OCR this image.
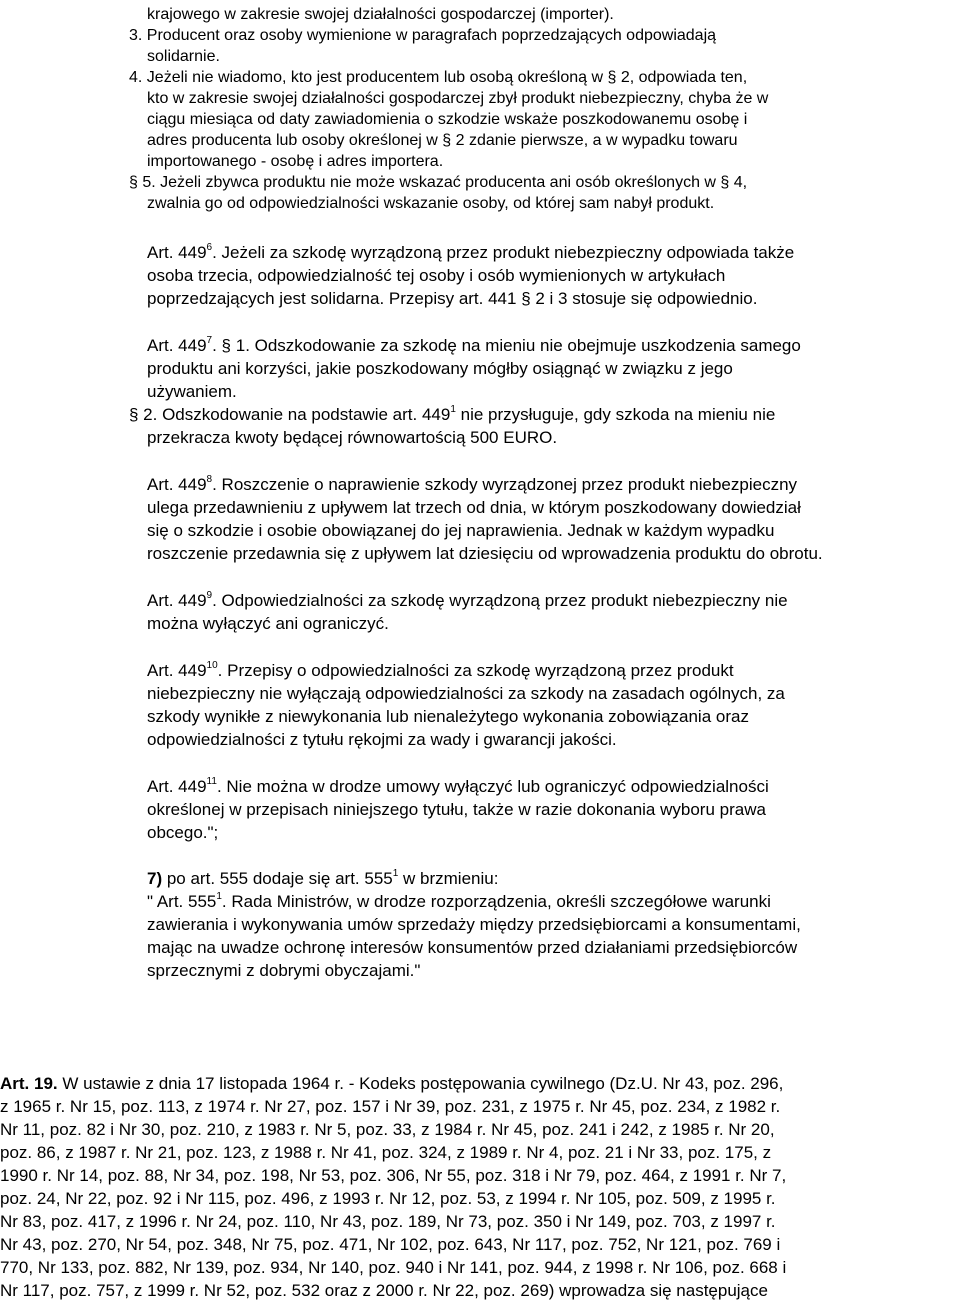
krajowego w zakresie swojej działalności gospodarczej (importer).
3. Producent oraz osoby wymienione w paragrafach poprzedzających odpowiadają
solidarnie.
4. Jeżeli nie wiadomo, kto jest producentem lub osobą określoną w § 2, odpowiada ten,
kto w zakresie swojej działalności gospodarczej zbył produkt niebezpieczny, chyba że w
ciągu miesiąca od daty zawiadomienia o szkodzie wskaże poszkodowanemu osobę i
adres producenta lub osoby określonej w § 2 zdanie pierwsze, a w wypadku towaru
importowanego - osobę i adres importera.
§ 5. Jeżeli zbywca produktu nie może wskazać producenta ani osób określonych w § 4,
zwalnia go od odpowiedzialności wskazanie osoby, od której sam nabył produkt.
Art. $449^6$. Jeżeli za szkodę wyrządzoną przez produkt niebezpieczny odpowiada także
osoba trzecia, odpowiedzialność tej osoby i osób wymienionych w artykułach
poprzedzających jest solidarna. Przepisy art. 441 § 2 i 3 stosuje się odpowiednio.
Art. $449^7$. § 1. Odszkodowanie za szkodę na mieniu nie obejmuje uszkodzenia samego
produktu ani korzyści, jakie poszkodowany mógłby osiągnąć w związku z jego
używaniem.
§ 2. Odszkodowanie na podstawie art. $449^1$ nie przysługuje, gdy szkoda na mieniu nie
przekracza kwoty będącej równowartością 500 EURO.
Art. $449^8$. Roszczenie o naprawienie szkody wyrządzonej przez produkt niebezpieczny
ulega przedawnieniu z upływem lat trzech od dnia, w którym poszkodowany dowiedział
się o szkodzie i osobie obowiązanej do jej naprawienia. Jednak w każdym wypadku
roszczenie przedawnia się z upływem lat dziesięciu od wprowadzenia produktu do obrotu.
Art. $449^9$. Odpowiedzialności za szkodę wyrządzoną przez produkt niebezpieczny nie
można wyłączyć ani ograniczyć.
Art. $449^{10}$. Przepisy o odpowiedzialności za szkodę wyrządzoną przez produkt
niebezpieczny nie wyłączają odpowiedzialności za szkody na zasadach ogólnych, za
szkody wynikłe z niewykonania lub nienależytego wykonania zobowiązania oraz
odpowiedzialności z tytułu rękojmi za wady i gwarancji jakości.
Art. $449^{11}$. Nie można w drodze umowy wyłączyć lub ograniczyć odpowiedzialności
określonej w przepisach niniejszego tytułu, także w razie dokonania wyboru prawa
obcego.";
7) po art. 555 dodaje się art. $555^1$ w brzmieniu:
" Art. $555^1$. Rada Ministrów, w drodze rozporządzenia, określi szczegółowe warunki
zawierania i wykonywania umów sprzedaży między przedsiębiorcami a konsumentami,
mając na uwadze ochronę interesów konsumentów przed działaniami przedsiębiorców
sprzecznymi z dobrymi obyczajami."
Art. 19. W ustawie z dnia 17 listopada 1964 r. - Kodeks postępowania cywilnego (Dz.U. Nr 43, poz. 296,
z 1965 r. Nr 15, poz. 113, z 1974 r. Nr 27, poz. 157 i Nr 39, poz. 231, z 1975 r. Nr 45, poz. 234, z 1982 r.
Nr 11, poz. 82 i Nr 30, poz. 210, z 1983 r. Nr 5, poz. 33, z 1984 r. Nr 45, poz. 241 i 242, z 1985 r. Nr 20,
poz. 86, z 1987 r. Nr 21, poz. 123, z 1988 r. Nr 41, poz. 324, z 1989 r. Nr 4, poz. 21 i Nr 33, poz. 175, z
1990 r. Nr 14, poz. 88, Nr 34, poz. 198, Nr 53, poz. 306, Nr 55, poz. 318 i Nr 79, poz. 464, z 1991 r. Nr 7,
poz. 24, Nr 22, poz. 92 i Nr 115, poz. 496, z 1993 r. Nr 12, poz. 53, z 1994 r. Nr 105, poz. 509, z 1995 r.
Nr 83, poz. 417, z 1996 r. Nr 24, poz. 110, Nr 43, poz. 189, Nr 73, poz. 350 i Nr 149, poz. 703, z 1997 r.
Nr 43, poz. 270, Nr 54, poz. 348, Nr 75, poz. 471, Nr 102, poz. 643, Nr 117, poz. 752, Nr 121, poz. 769 i
770, Nr 133, poz. 882, Nr 139, poz. 934, Nr 140, poz. 940 i Nr 141, poz. 944, z 1998 r. Nr 106, poz. 668 i
Nr 117, poz. 757, z 1999 r. Nr 52, poz. 532 oraz z 2000 r. Nr 22, poz. 269) wprowadza się następujące
